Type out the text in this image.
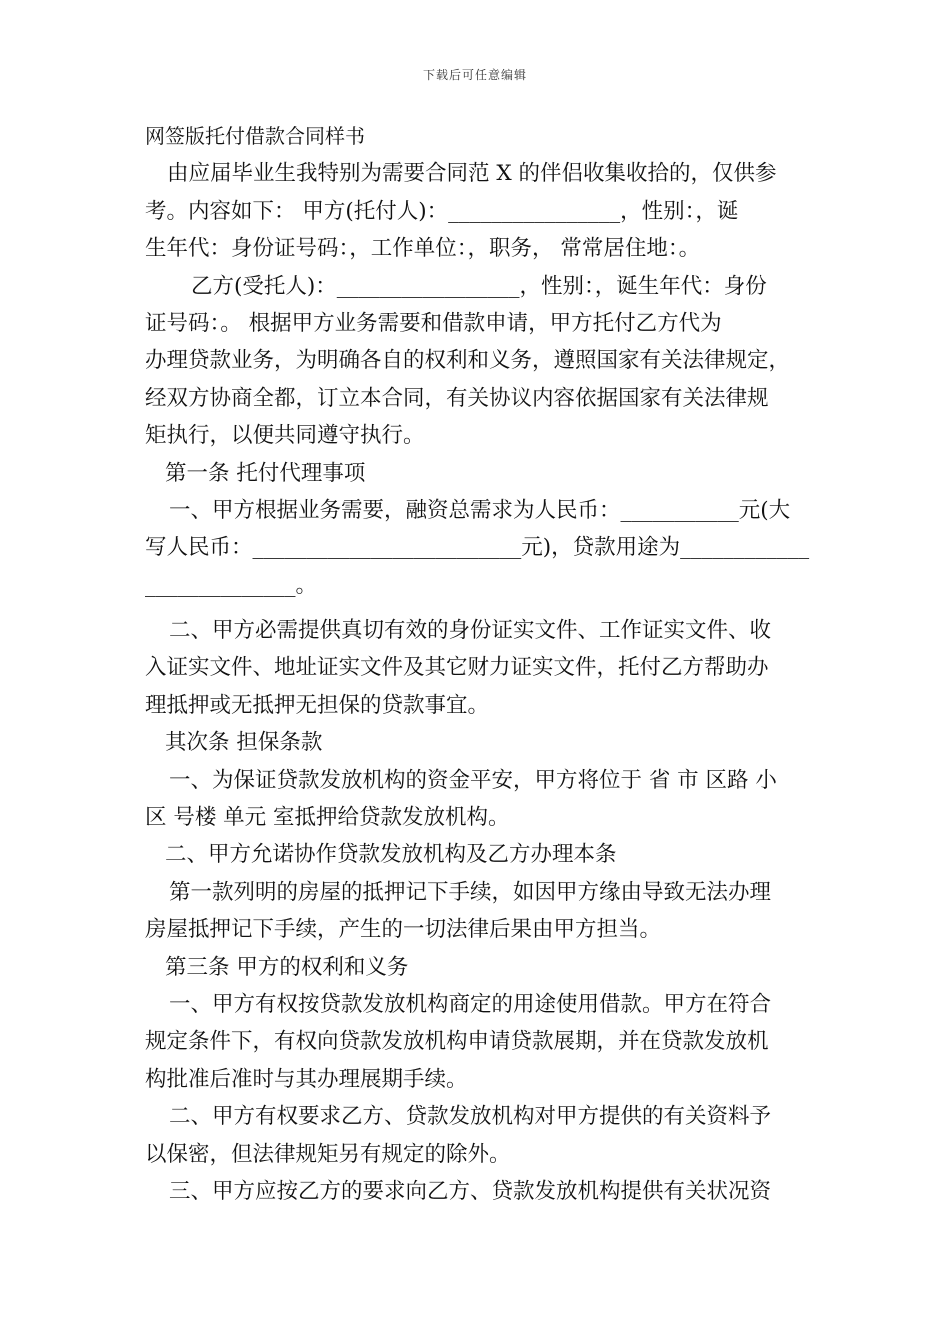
下载后可任意编辑
网签版托付借款合同样书
由应届毕业生我特别为需要合同范 X 的伴侣收集收拾的，仅供参
考。内容如下： 甲方(托付人)：________________，性别：，诞
生年代：身份证号码：，工作单位：，职务， 常常居住地：。
乙方(受托人)：_________________，性别：，诞生年代：身份
证号码：。 根据甲方业务需要和借款申请，甲方托付乙方代为
办理贷款业务，为明确各自的权利和义务，遵照国家有关法律规定，
经双方协商全都，订立本合同，有关协议内容依据国家有关法律规
矩执行，以便共同遵守执行。
第一条 托付代理事项
一、甲方根据业务需要，融资总需求为人民币：___________元(大
写人民币：_________________________元)，贷款用途为____________
______________。
二、甲方必需提供真切有效的身份证实文件、工作证实文件、收
入证实文件、地址证实文件及其它财力证实文件，托付乙方帮助办
理抵押或无抵押无担保的贷款事宜。
其次条 担保条款
一、为保证贷款发放机构的资金平安，甲方将位于 省 市 区路 小
区 号楼 单元 室抵押给贷款发放机构。
二、甲方允诺协作贷款发放机构及乙方办理本条
第一款列明的房屋的抵押记下手续，如因甲方缘由导致无法办理
房屋抵押记下手续，产生的一切法律后果由甲方担当。
第三条 甲方的权利和义务
一、甲方有权按贷款发放机构商定的用途使用借款。甲方在符合
规定条件下，有权向贷款发放机构申请贷款展期，并在贷款发放机
构批准后准时与其办理展期手续。
二、甲方有权要求乙方、贷款发放机构对甲方提供的有关资料予
以保密，但法律规矩另有规定的除外。
三、甲方应按乙方的要求向乙方、贷款发放机构提供有关状况资
